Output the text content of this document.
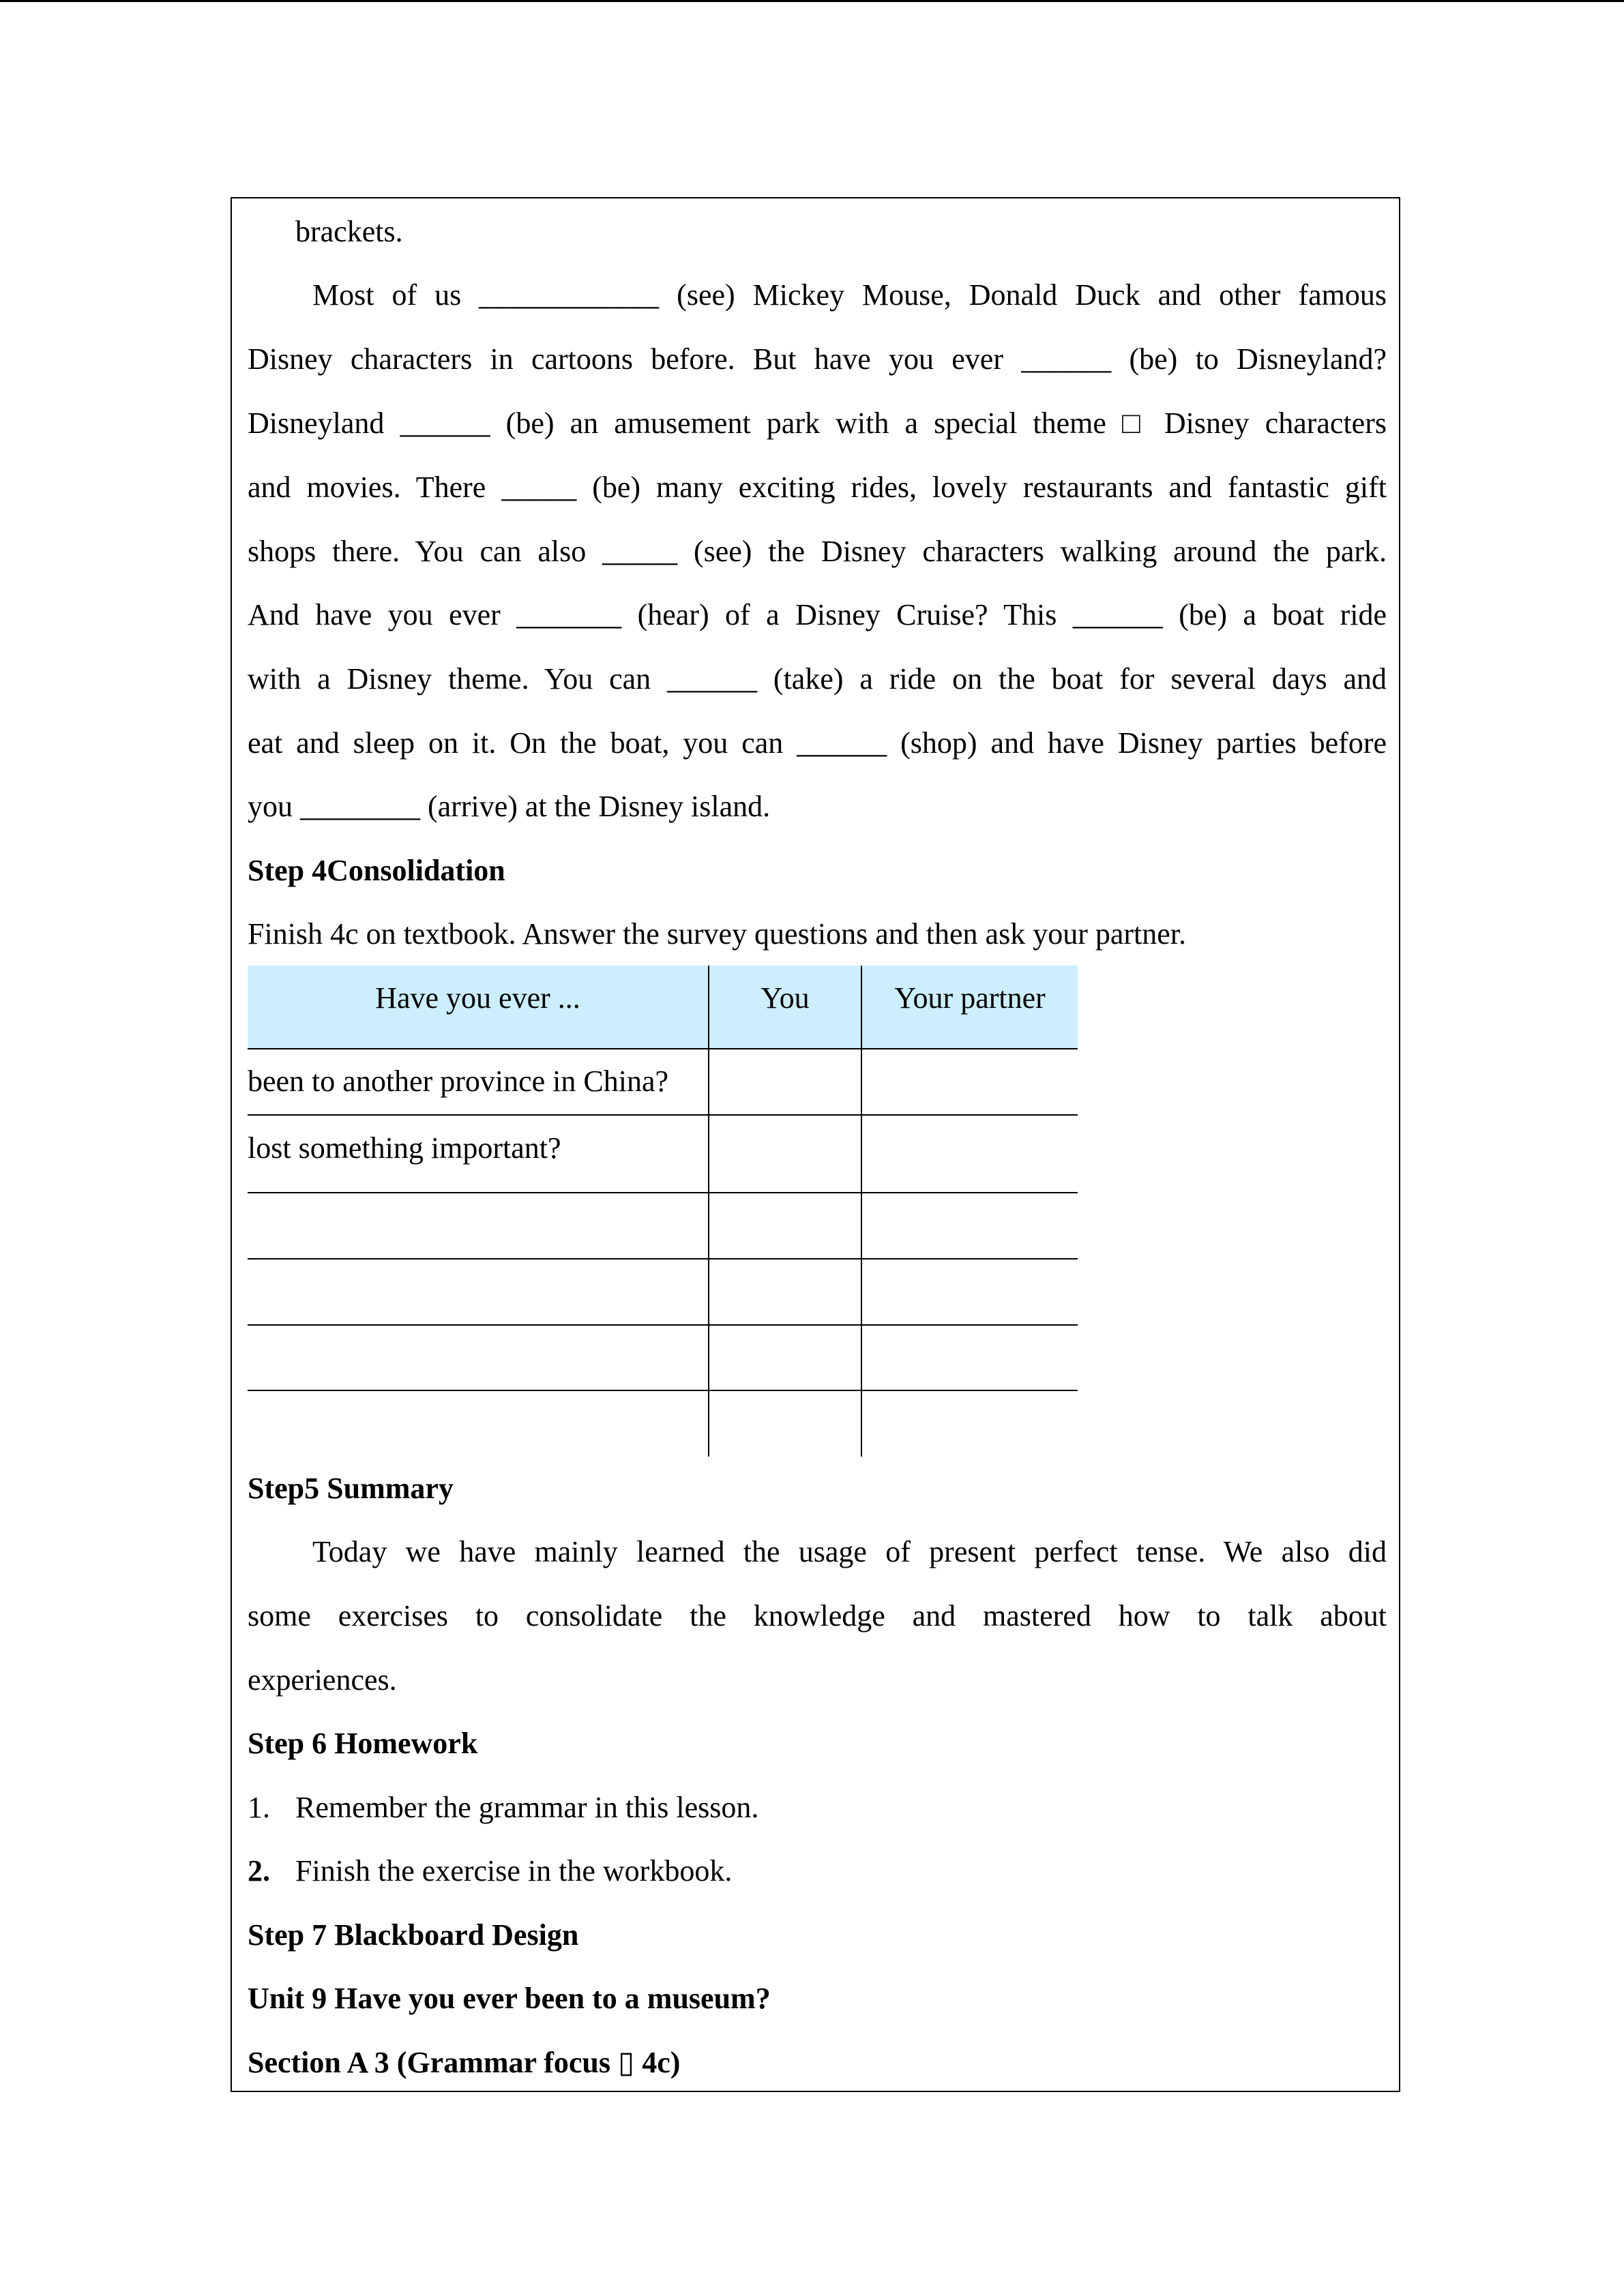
brackets.
Most of us ____________ (see) Mickey Mouse, Donald Duck and other famous
Disney characters in cartoons before. But have you ever ______ (be) to Disneyland?
Disneyland ______ (be) an amusement park with a special theme □ Disney characters
and movies. There _____ (be) many exciting rides, lovely restaurants and fantastic gift
shops there. You can also _____ (see) the Disney characters walking around the park.
And have you ever _______ (hear) of a Disney Cruise? This ______ (be) a boat ride
with a Disney theme. You can ______ (take) a ride on the boat for several days and
eat and sleep on it. On the boat, you can ______ (shop) and have Disney parties before
you ________ (arrive) at the Disney island.
Step 4Consolidation
Finish 4c on textbook. Answer the survey questions and then ask your partner.
Have you ever ...	You	Your partner
been to another province in China?
lost something important?
Step5 Summary
Today we have mainly learned the usage of present perfect tense. We also did
some exercises to consolidate the knowledge and mastered how to talk about
experiences.
Step 6 Homework
1. Remember the grammar in this lesson.
2. Finish the exercise in the workbook.
Step 7 Blackboard Design
Unit 9 Have you ever been to a museum?
Section A 3 (Grammar focus ▯ 4c)
